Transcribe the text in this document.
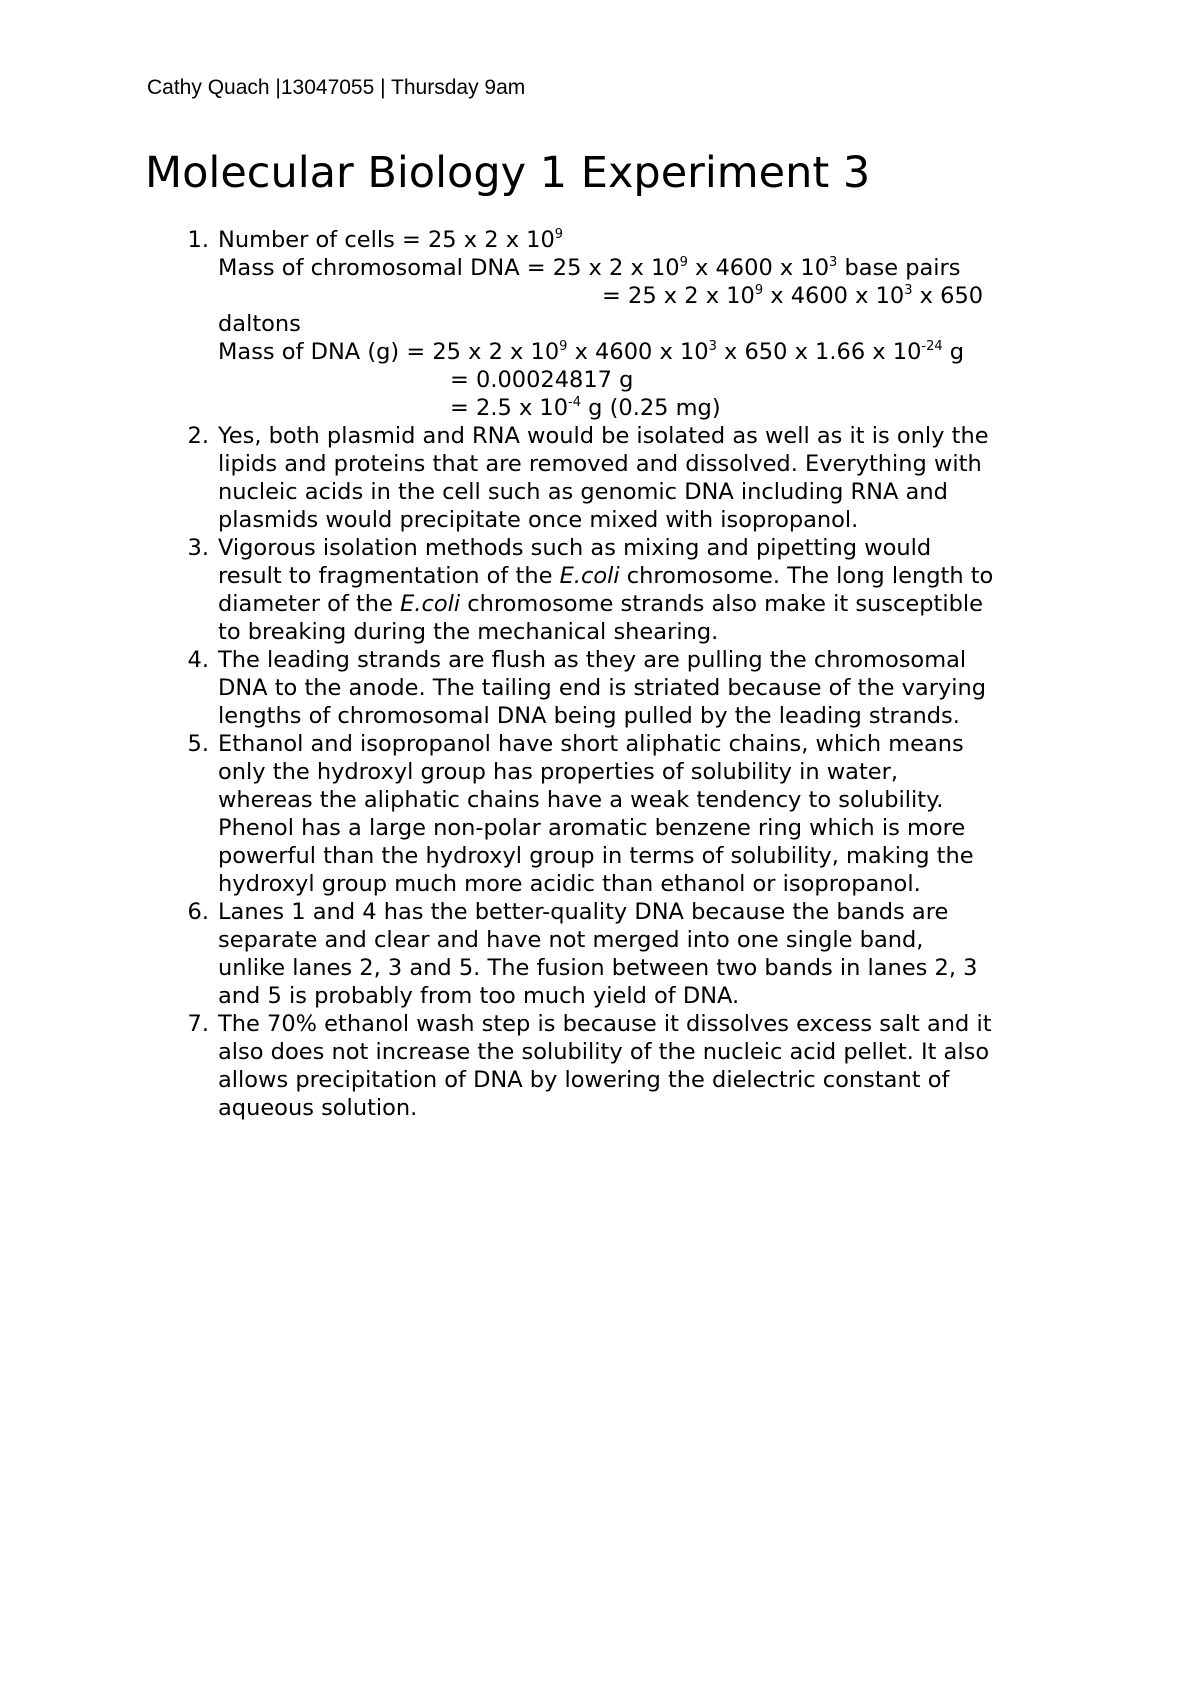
Cathy Quach |13047055 | Thursday 9am
Molecular Biology 1 Experiment 3
1. Number of cells = 25 x 2 x $10^9$
Mass of chromosomal DNA = 25 x 2 x $10^9$ x 4600 x $10^3$ base pairs
= 25 x 2 x $10^9$ x 4600 x $10^3$ x 650
daltons
Mass of DNA (g) = 25 x 2 x $10^9$ x 4600 x $10^3$ x 650 x 1.66 x $10^{-24}$ g
= 0.00024817 g
= 2.5 x $10^{-4}$ g (0.25 mg)
2. Yes, both plasmid and RNA would be isolated as well as it is only the
lipids and proteins that are removed and dissolved. Everything with
nucleic acids in the cell such as genomic DNA including RNA and
plasmids would precipitate once mixed with isopropanol.
3. Vigorous isolation methods such as mixing and pipetting would
result to fragmentation of the E.coli chromosome. The long length to
diameter of the E.coli chromosome strands also make it susceptible
to breaking during the mechanical shearing.
4. The leading strands are flush as they are pulling the chromosomal
DNA to the anode. The tailing end is striated because of the varying
lengths of chromosomal DNA being pulled by the leading strands.
5. Ethanol and isopropanol have short aliphatic chains, which means
only the hydroxyl group has properties of solubility in water,
whereas the aliphatic chains have a weak tendency to solubility.
Phenol has a large non-polar aromatic benzene ring which is more
powerful than the hydroxyl group in terms of solubility, making the
hydroxyl group much more acidic than ethanol or isopropanol.
6. Lanes 1 and 4 has the better-quality DNA because the bands are
separate and clear and have not merged into one single band,
unlike lanes 2, 3 and 5. The fusion between two bands in lanes 2, 3
and 5 is probably from too much yield of DNA.
7. The 70% ethanol wash step is because it dissolves excess salt and it
also does not increase the solubility of the nucleic acid pellet. It also
allows precipitation of DNA by lowering the dielectric constant of
aqueous solution.
